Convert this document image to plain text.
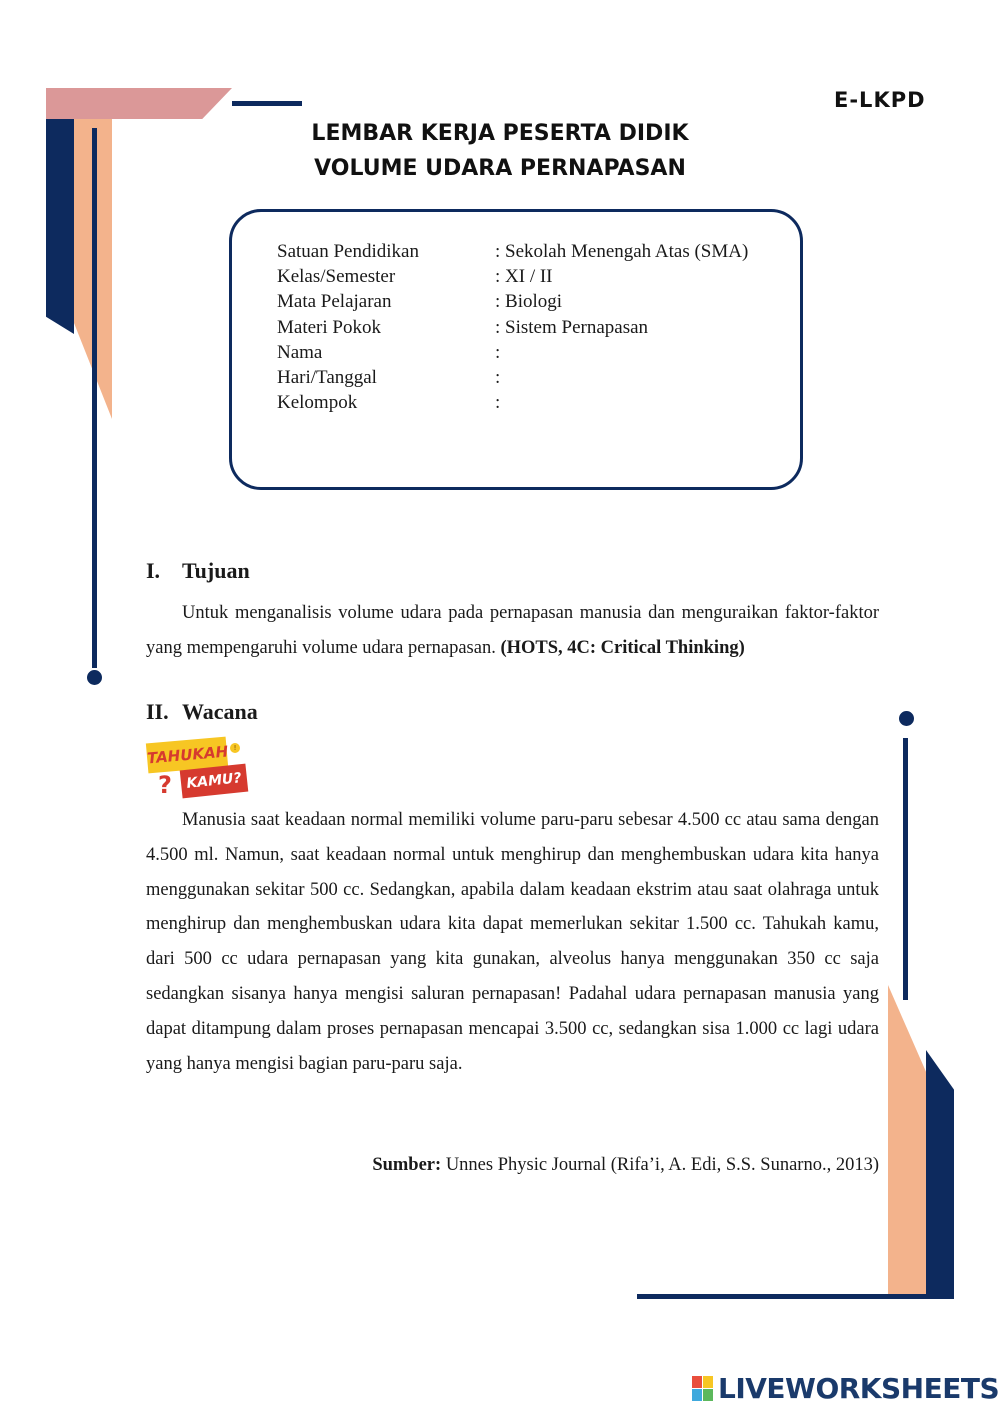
E-LKPD
LEMBAR KERJA PESERTA DIDIK
VOLUME UDARA PERNAPASAN
Satuan Pendidikan	: Sekolah Menengah Atas (SMA)
Kelas/Semester	: XI / II
Mata Pelajaran	: Biologi
Materi Pokok	: Sistem Pernapasan
Nama	:
Hari/Tanggal	:
Kelompok	:
I. Tujuan

Untuk menganalisis volume udara pada pernapasan manusia dan menguraikan faktor-faktor yang mempengaruhi volume udara pernapasan. (HOTS, 4C: Critical Thinking)

II. Wacana
TAHUKAH !
? KAMU?

Manusia saat keadaan normal memiliki volume paru-paru sebesar 4.500 cc atau sama dengan 4.500 ml. Namun, saat keadaan normal untuk menghirup dan menghembuskan udara kita hanya menggunakan sekitar 500 cc. Sedangkan, apabila dalam keadaan ekstrim atau saat olahraga untuk menghirup dan menghembuskan udara kita dapat memerlukan sekitar 1.500 cc. Tahukah kamu, dari 500 cc udara pernapasan yang kita gunakan, alveolus hanya menggunakan 350 cc saja sedangkan sisanya hanya mengisi saluran pernapasan! Padahal udara pernapasan manusia yang dapat ditampung dalam proses pernapasan mencapai 3.500 cc, sedangkan sisa 1.000 cc lagi udara yang hanya mengisi bagian paru-paru saja.

Sumber: Unnes Physic Journal (Rifa’i, A. Edi, S.S. Sunarno., 2013)
LIVEWORKSHEETS
